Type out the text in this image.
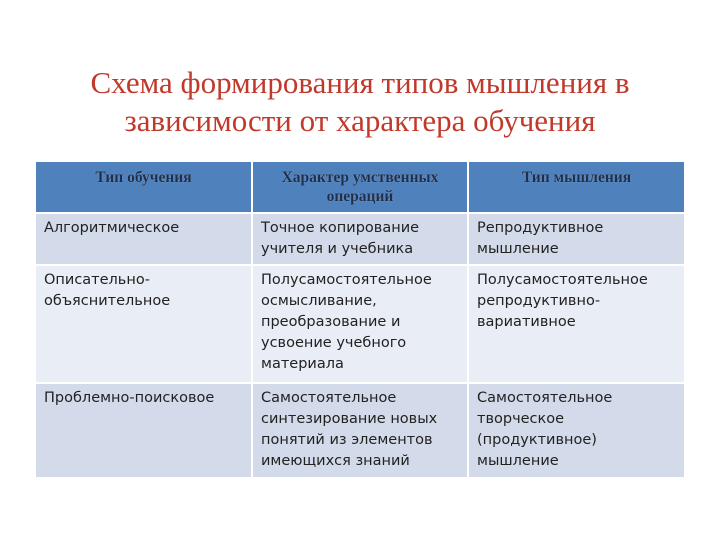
Схема формирования типов мышления в зависимости от характера обучения
Тип обучения	Характер умственных операций	Тип мышления
Алгоритмическое	Точное копирование учителя и учебника	Репродуктивное мышление
Описательно-объяснительное	Полусамостоятельное осмысливание, преобразование и усвоение учебного материала	Полусамостоятельное репродуктивно-вариативное
Проблемно-поисковое	Самостоятельное синтезирование новых понятий из элементов имеющихся знаний	Самостоятельное творческое (продуктивное) мышление
